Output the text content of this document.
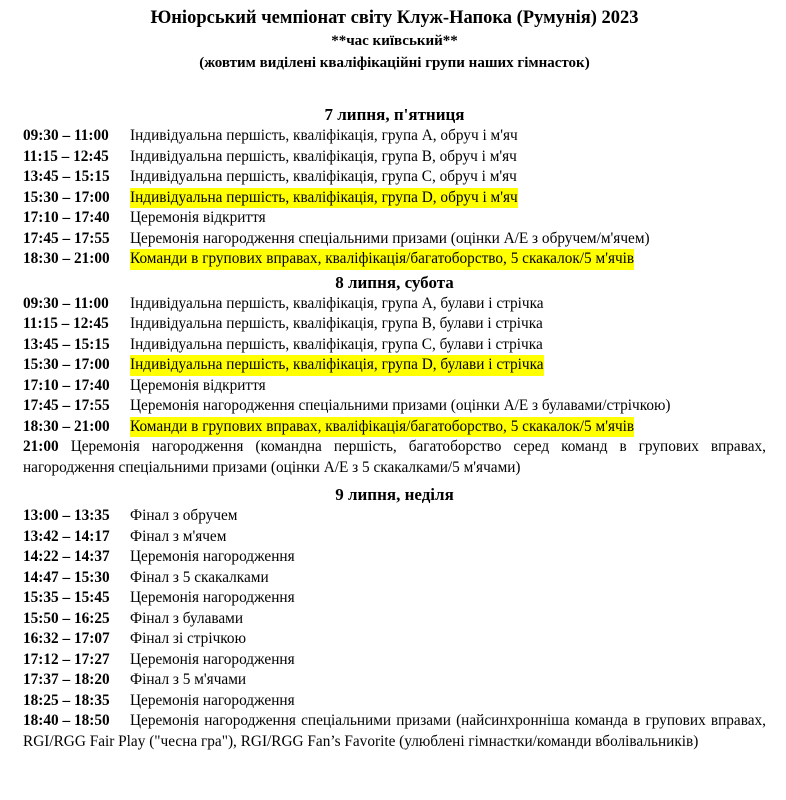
Юніорський чемпіонат світу Клуж-Напока (Румунія) 2023
**час київський**
(жовтим виділені кваліфікаційні групи наших гімнасток)
7 липня, п'ятниця
09:30 – 11:00	Індивідуальна першість, кваліфікація, група А, обруч і м'яч
11:15 – 12:45	Індивідуальна першість, кваліфікація, група В, обруч і м'яч
13:45 – 15:15	Індивідуальна першість, кваліфікація, група С, обруч і м'яч
15:30 – 17:00	Індивідуальна першість, кваліфікація, група D, обруч і м'яч
17:10 – 17:40	Церемонія відкриття
17:45 – 17:55	Церемонія нагородження спеціальними призами (оцінки А/Е з обручем/м'ячем)
18:30 – 21:00	Команди в групових вправах, кваліфікація/багатоборство, 5 скакалок/5 м'ячів
8 липня, субота
09:30 – 11:00	Індивідуальна першість, кваліфікація, група А, булави і стрічка
11:15 – 12:45	Індивідуальна першість, кваліфікація, група В, булави і стрічка
13:45 – 15:15	Індивідуальна першість, кваліфікація, група С, булави і стрічка
15:30 – 17:00	Індивідуальна першість, кваліфікація, група D, булави і стрічка
17:10 – 17:40	Церемонія відкриття
17:45 – 17:55	Церемонія нагородження спеціальними призами (оцінки А/Е з булавами/стрічкою)
18:30 – 21:00	Команди в групових вправах, кваліфікація/багатоборство, 5 скакалок/5 м'ячів
21:00 Церемонія нагородження (командна першість, багатоборство серед команд в групових вправах, нагородження спеціальними призами (оцінки А/Е з 5 скакалками/5 м'ячами)
9 липня, неділя
13:00 – 13:35	Фінал з обручем
13:42 – 14:17	Фінал з м'ячем
14:22 – 14:37	Церемонія нагородження
14:47 – 15:30	Фінал з 5 скакалками
15:35 – 15:45	Церемонія нагородження
15:50 – 16:25	Фінал з булавами
16:32 – 17:07	Фінал зі стрічкою
17:12 – 17:27	Церемонія нагородження
17:37 – 18:20	Фінал з 5 м'ячами
18:25 – 18:35	Церемонія нагородження
18:40 – 18:50 Церемонія нагородження спеціальними призами (найсинхронніша команда в групових вправах, RGI/RGG Fair Play ("чесна гра"), RGI/RGG Fan’s Favorite (улюблені гімнастки/команди вболівальників)
